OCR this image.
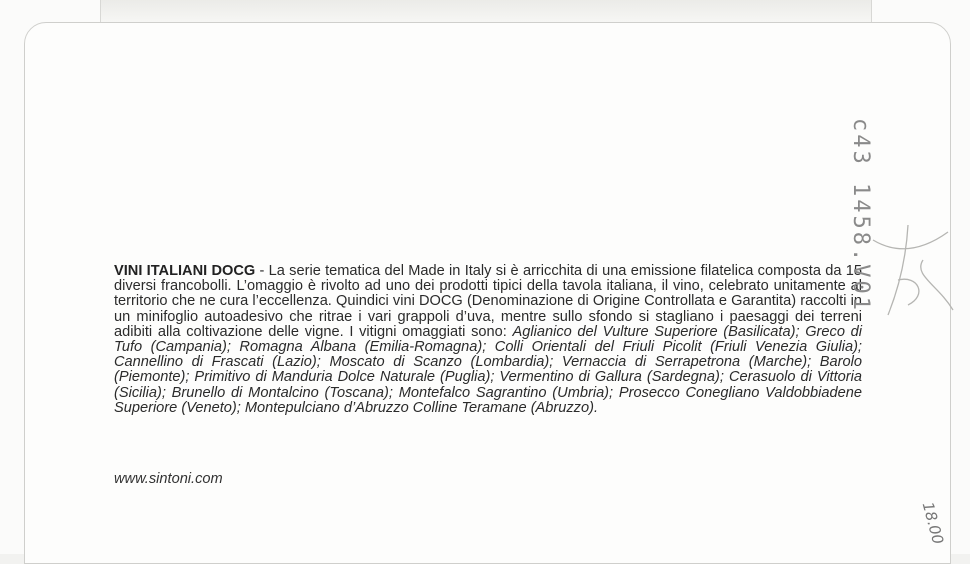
VINI ITALIANI DOCG - La serie tematica del Made in Italy si è arricchita di una emissione filatelica composta da 15 diversi francobolli. L’omaggio è rivolto ad uno dei prodotti tipici della tavola italiana, il vino, celebrato unitamente al territorio che ne cura l’eccellenza. Quindici vini DOCG (Denominazione di Origine Controllata e Garantita) raccolti in un minifoglio autoadesivo che ritrae i vari grappoli d’uva, mentre sullo sfondo si stagliano i paesaggi dei terreni adibiti alla coltivazione delle vigne. I vitigni omaggiati sono: Aglianico del Vulture Superiore (Basilicata); Greco di Tufo (Campania); Romagna Albana (Emilia-Romagna); Colli Orientali del Friuli Picolit (Friuli Venezia Giulia); Cannellino di Frascati (Lazio); Moscato di Scanzo (Lombardia); Vernaccia di Serrapetrona (Marche); Barolo (Piemonte); Primitivo di Manduria Dolce Naturale (Puglia); Vermentino di Gallura (Sardegna); Cerasuolo di Vittoria (Sicilia); Brunello di Montalcino (Toscana); Montefalco Sagrantino (Umbria); Prosecco Conegliano Valdobbiadene Superiore (Veneto); Montepulciano d’Abruzzo Colline Teramane (Abruzzo).
www.sintoni.com
c43 1458.V01
18.00
